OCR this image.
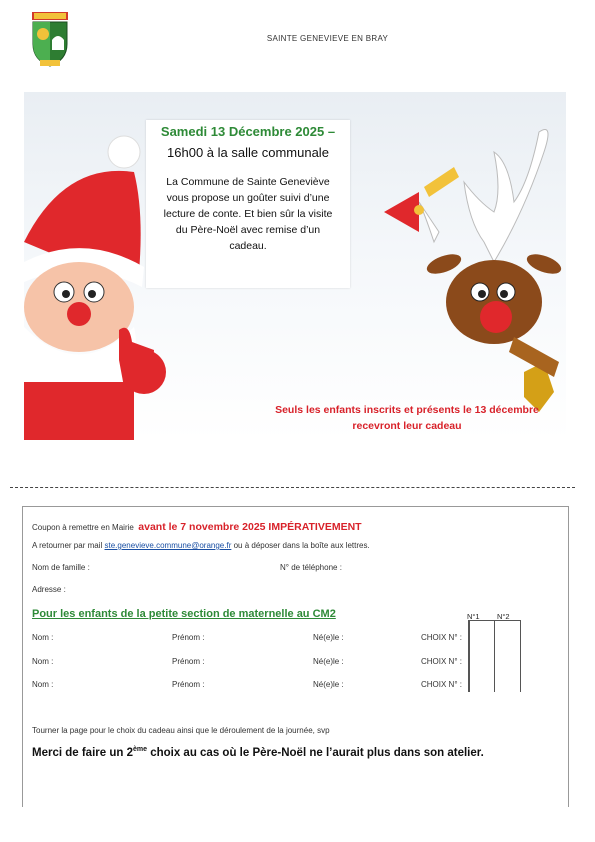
SAINTE GENEVIEVE EN BRAY
Samedi 13 Décembre 2025 –
16h00 à la salle communale
La Commune de Sainte Geneviève vous propose un goûter suivi d’une lecture de conte. Et bien sûr la visite du Père-Noël avec remise d’un cadeau.
Seuls les enfants inscrits et présents le 13 décembre recevront leur cadeau
Coupon à remettre en Mairie avant le 7 novembre 2025 IMPÉRATIVEMENT
A retourner par mail ste.genevieve.commune@orange.fr ou à déposer dans la boîte aux lettres.
Nom de famille :	N° de téléphone :
Adresse :
Pour les enfants de la petite section de maternelle au CM2	N°1 N°2
Nom :	Prénom :	Né(e)le :	CHOIX N° :
Nom :	Prénom :	Né(e)le :	CHOIX N° :
Nom :	Prénom :	Né(e)le :	CHOIX N° :
Tourner la page pour le choix du cadeau ainsi que le déroulement de la journée, svp
Merci de faire un 2ème choix au cas où le Père-Noël ne l’aurait plus dans son atelier.
